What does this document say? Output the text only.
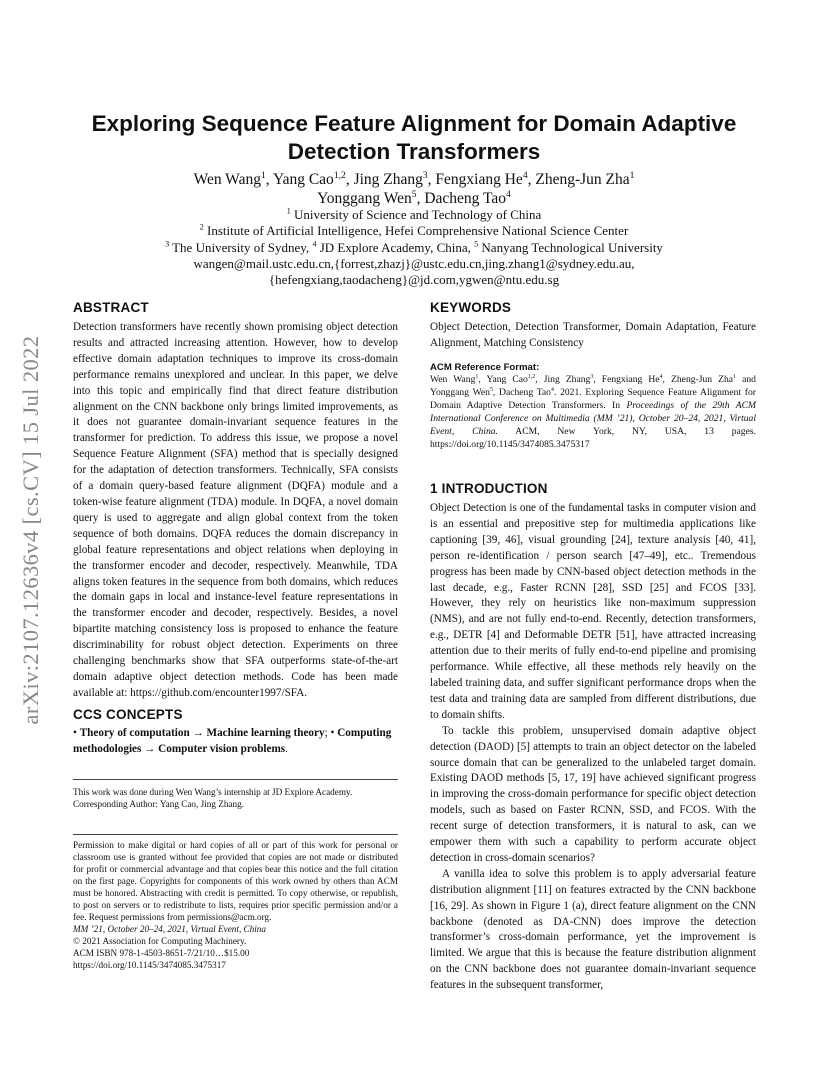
arXiv:2107.12636v4 [cs.CV] 15 Jul 2022
Exploring Sequence Feature Alignment for Domain Adaptive
Detection Transformers
Wen Wang$^1$, Yang Cao$^{1,2}$, Jing Zhang$^3$, Fengxiang He$^4$, Zheng-Jun Zha$^1$
Yonggang Wen$^5$, Dacheng Tao$^4$
$^1$ University of Science and Technology of China
$^2$ Institute of Artificial Intelligence, Hefei Comprehensive National Science Center
$^3$ The University of Sydney, $^4$ JD Explore Academy, China, $^5$ Nanyang Technological University
wangen@mail.ustc.edu.cn,{forrest,zhazj}@ustc.edu.cn,jing.zhang1@sydney.edu.au,
{hefengxiang,taodacheng}@jd.com,ygwen@ntu.edu.sg
ABSTRACT

Detection transformers have recently shown promising object detection results and attracted increasing attention. However, how to develop effective domain adaptation techniques to improve its cross-domain performance remains unexplored and unclear. In this paper, we delve into this topic and empirically find that direct feature distribution alignment on the CNN backbone only brings limited improvements, as it does not guarantee domain-invariant sequence features in the transformer for prediction. To address this issue, we propose a novel Sequence Feature Alignment (SFA) method that is specially designed for the adaptation of detection transformers. Technically, SFA consists of a domain query-based feature alignment (DQFA) module and a token-wise feature alignment (TDA) module. In DQFA, a novel domain query is used to aggregate and align global context from the token sequence of both domains. DQFA reduces the domain discrepancy in global feature representations and object relations when deploying in the transformer encoder and decoder, respectively. Meanwhile, TDA aligns token features in the sequence from both domains, which reduces the domain gaps in local and instance-level feature representations in the transformer encoder and decoder, respectively. Besides, a novel bipartite matching consistency loss is proposed to enhance the feature discriminability for robust object detection. Experiments on three challenging benchmarks show that SFA outperforms state-of-the-art domain adaptive object detection methods. Code has been made available at: https://github.com/encounter1997/SFA.

CCS CONCEPTS

• Theory of computation → Machine learning theory; • Computing methodologies → Computer vision problems.

This work was done during Wen Wang’s internship at JD Explore Academy.

Corresponding Author: Yang Cao, Jing Zhang.

Permission to make digital or hard copies of all or part of this work for personal or classroom use is granted without fee provided that copies are not made or distributed for profit or commercial advantage and that copies bear this notice and the full citation on the first page. Copyrights for components of this work owned by others than ACM must be honored. Abstracting with credit is permitted. To copy otherwise, or republish, to post on servers or to redistribute to lists, requires prior specific permission and/or a fee. Request permissions from permissions@acm.org.

MM ’21, October 20–24, 2021, Virtual Event, China

© 2021 Association for Computing Machinery.

ACM ISBN 978-1-4503-8651-7/21/10…$15.00

https://doi.org/10.1145/3474085.3475317

KEYWORDS

Object Detection, Detection Transformer, Domain Adaptation, Feature Alignment, Matching Consistency

ACM Reference Format:

Wen Wang$^1$, Yang Cao$^{1,2}$, Jing Zhang$^3$, Fengxiang He$^4$, Zheng-Jun Zha$^1$ and Yonggang Wen$^5$, Dacheng Tao$^4$. 2021. Exploring Sequence Feature Alignment for Domain Adaptive Detection Transformers. In Proceedings of the 29th ACM International Conference on Multimedia (MM ’21), October 20–24, 2021, Virtual Event, China. ACM, New York, NY, USA, 13 pages. https://doi.org/10.1145/3474085.3475317

1 INTRODUCTION

Object Detection is one of the fundamental tasks in computer vision and is an essential and prepositive step for multimedia applications like captioning [39, 46], visual grounding [24], texture analysis [40, 41], person re-identification / person search [47–49], etc.. Tremendous progress has been made by CNN-based object detection methods in the last decade, e.g., Faster RCNN [28], SSD [25] and FCOS [33]. However, they rely on heuristics like non-maximum suppression (NMS), and are not fully end-to-end. Recently, detection transformers, e.g., DETR [4] and Deformable DETR [51], have attracted increasing attention due to their merits of fully end-to-end pipeline and promising performance. While effective, all these methods rely heavily on the labeled training data, and suffer significant performance drops when the test data and training data are sampled from different distributions, due to domain shifts.

To tackle this problem, unsupervised domain adaptive object detection (DAOD) [5] attempts to train an object detector on the labeled source domain that can be generalized to the unlabeled target domain. Existing DAOD methods [5, 17, 19] have achieved significant progress in improving the cross-domain performance for specific object detection models, such as based on Faster RCNN, SSD, and FCOS. With the recent surge of detection transformers, it is natural to ask, can we empower them with such a capability to perform accurate object detection in cross-domain scenarios?

A vanilla idea to solve this problem is to apply adversarial feature distribution alignment [11] on features extracted by the CNN backbone [16, 29]. As shown in Figure 1 (a), direct feature alignment on the CNN backbone (denoted as DA-CNN) does improve the detection transformer’s cross-domain performance, yet the improvement is limited. We argue that this is because the feature distribution alignment on the CNN backbone does not guarantee domain-invariant sequence features in the subsequent transformer,
